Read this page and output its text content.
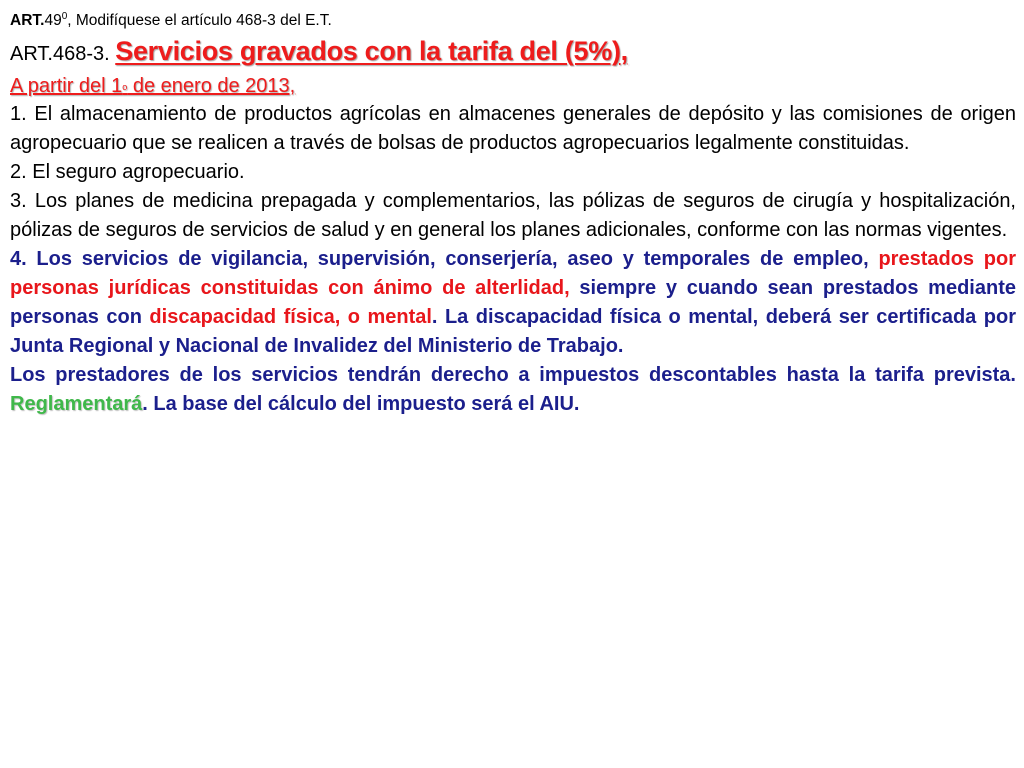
$ART.49^0$, Modifíquese el artículo 468-3 del E.T.

ART.468-3. Servicios gravados con la tarifa del (5%),

A partir del 1o de enero de 2013,

1. El almacenamiento de productos agrícolas en almacenes generales de depósito y las comisiones de origen agropecuario que se realicen a través de bolsas de productos agropecuarios legalmente constituidas.

2. El seguro agropecuario.

3. Los planes de medicina prepagada y complementarios, las pólizas de seguros de cirugía y hospitalización, pólizas de seguros de servicios de salud y en general los planes adicionales, conforme con las normas vigentes.

4. Los servicios de vigilancia, supervisión, conserjería, aseo y temporales de empleo, prestados por personas jurídicas constituidas con ánimo de alterlidad, siempre y cuando sean prestados mediante personas con discapacidad física, o mental. La discapacidad física o mental, deberá ser certificada por Junta Regional y Nacional de Invalidez del Ministerio de Trabajo.

Los prestadores de los servicios tendrán derecho a impuestos descontables hasta la tarifa prevista. Reglamentará. La base del cálculo del impuesto será el AIU.
